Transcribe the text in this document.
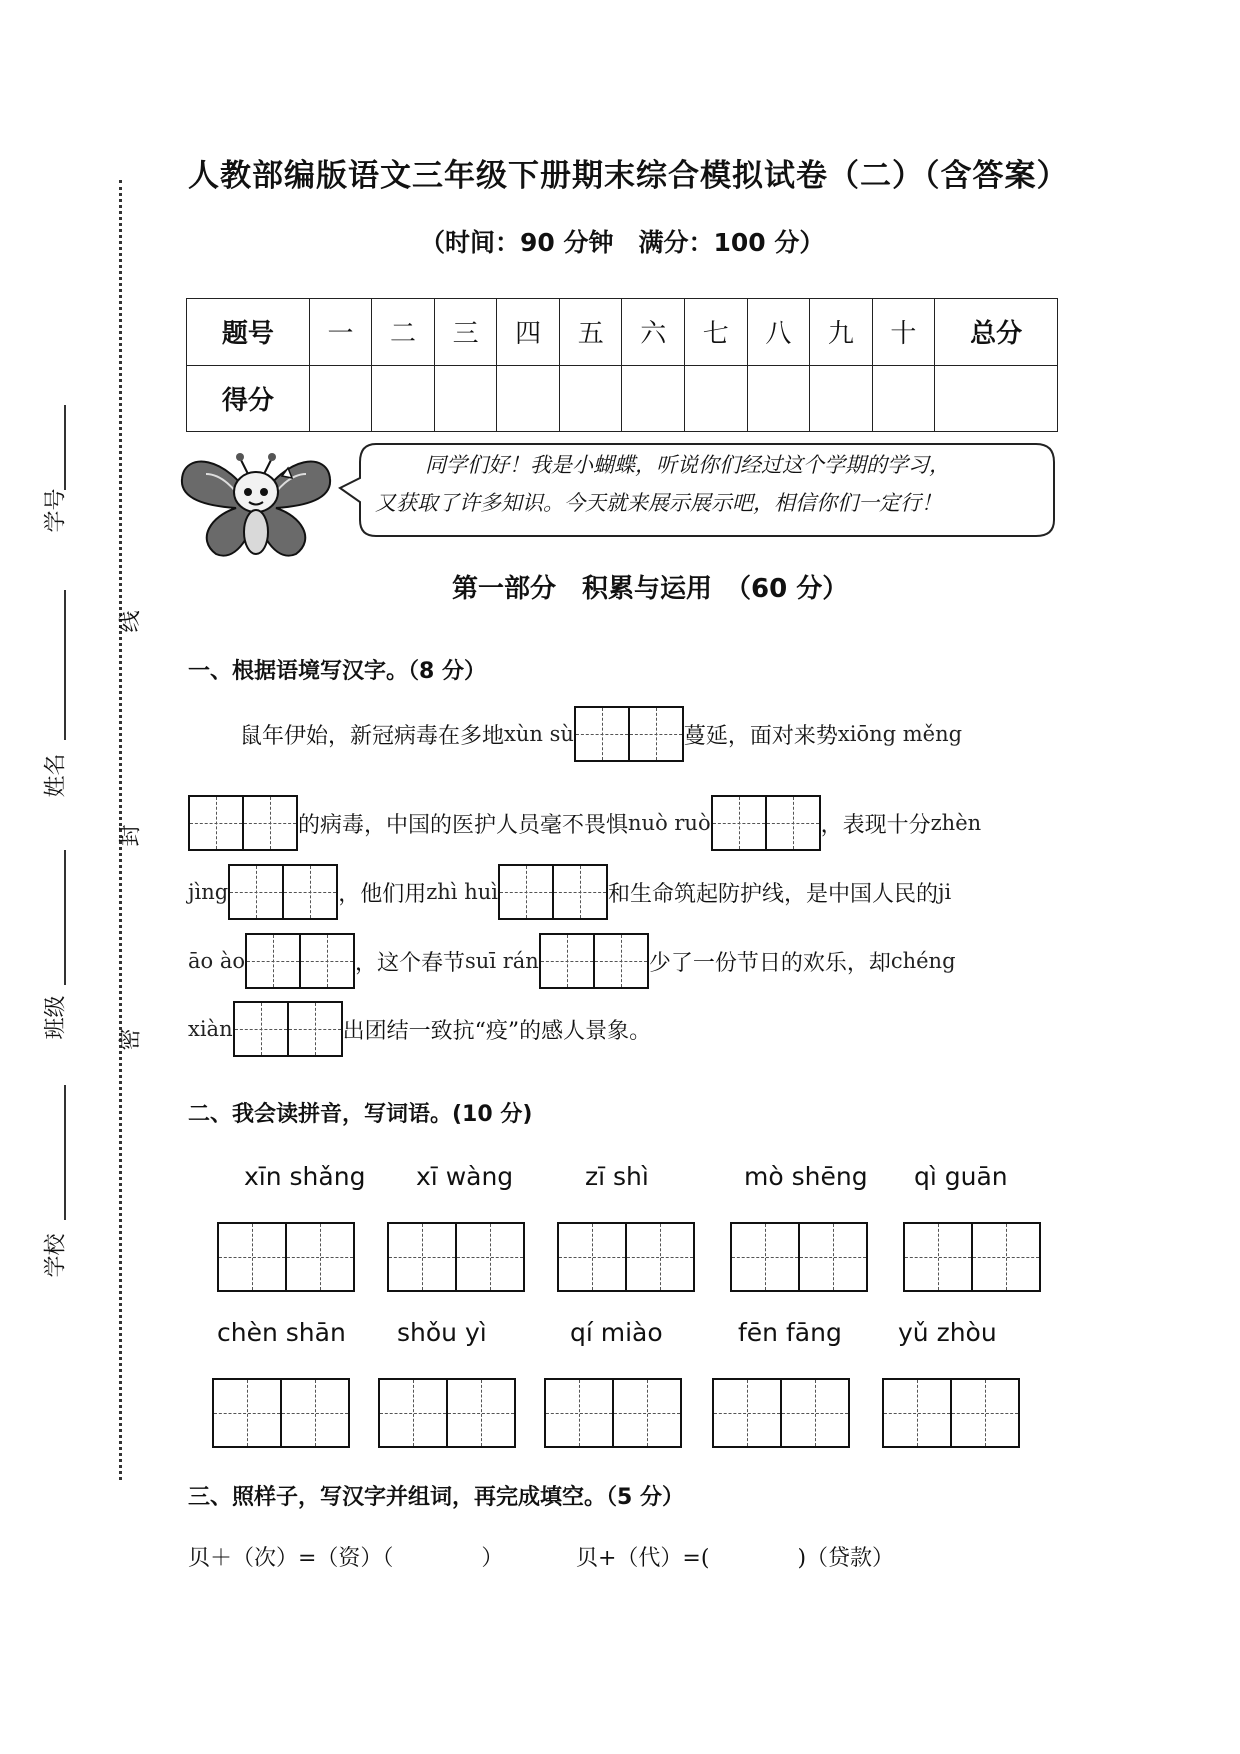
线
封
密
学号
姓名
班级
学校
人教部编版语文三年级下册期末综合模拟试卷（二）（含答案）
（时间：90 分钟　满分：100 分）
题号	一	二	三	四	五	六	七	八	九	十	总分
得分											
同学们好！我是小蝴蝶，听说你们经过这个学期的学习，
又获取了许多知识。今天就来展示展示吧，相信你们一定行！
第一部分　积累与运用　（60 分）
一、根据语境写汉字。（8 分）
鼠年伊始，新冠病毒在多地 xùn sù	蔓延，面对来势 xiōng měng
的病毒，中国的医护人员毫不畏惧 nuò ruò	，表现十分 zhèn
jìng	，他们用 zhì huì	和生命筑起防护线，是中国人民的 ji
āo ào	，这个春节 suī rán	少了一份节日的欢乐，却 chéng
xiàn	出团结一致抗“疫”的感人景象。
二、我会读拼音，写词语。(10 分)
xīn shǎng xī wàng	zī shì	mò shēng qì guān
chèn shān shǒu yì	qí miào	fēn fāng yǔ zhòu
三、照样子，写汉字并组词，再完成填空。（5 分）
贝＋（次）=（资）（　　　　）	贝+（代）=(　　　　)（贷款）
